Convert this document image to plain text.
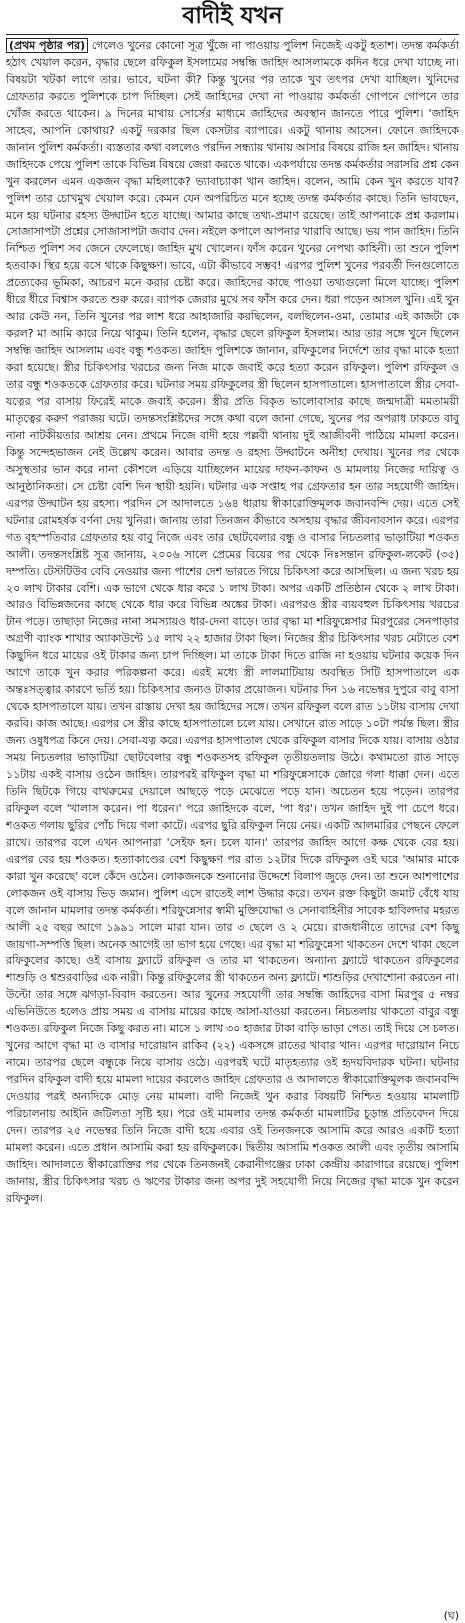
বাদীই যখন

(প্রথম পৃষ্ঠার পর) গেলেও খুনের কোনো সূত্র খুঁজে না পাওয়ায় পুলিশ নিজেই একটু হতাশ। তদন্ত কর্মকর্তা হঠাৎ খেয়াল করেন, বৃদ্ধার ছেলে রফিকুল ইসলামের সম্বন্ধি জাহিদ আসলামকে কদিন ধরে দেখা যাচ্ছে না। বিষয়টা খটকা লাগে তার। ভাবে, ঘটনা কী? কিন্তু খুনের পর তাকে খুব তৎপর দেখা যাচ্ছিল। খুনিদের গ্রেফতার করতে পুলিশকে চাপ দিচ্ছিল। সেই জাহিদের দেখা না পাওয়ায় কর্মকর্তা গোপনে গোপনে তার খোঁজ করতে থাকেন। ৯ দিনের মাথায় সোর্সের মাধ্যমে জাহিদের অবস্থান জানতে পারে পুলিশ। 'জাহিদ সাহেব, আপনি কোথায়? একটু দরকার ছিল কেসটার ব্যাপারে। একটু থানায় আসেন। ফোনে জাহিদকে জানান পুলিশ কর্মকর্তা। ব্যস্ততার কথা বললেও পরদিন সন্ধ্যায় থানায় আসার বিষয়ে রাজি হন জাহিদ। থানায় জাহিদকে পেয়ে পুলিশ তাকে বিভিন্ন বিষয়ে জেরা করতে থাকে। একপর্যায়ে তদন্ত কর্মকর্তার সরাসরি প্রশ্ন কেন খুন করলেন এমন একজন বৃদ্ধা মহিলাকে? ভ্যাবাচ্যাকা খান জাহিদ। বলেন, আমি কেন খুন করতে যাব? পুলিশ তার চোখমুখ খেয়াল করে। কেমন যেন অপরিচিত মনে হচ্ছে তদন্ত কর্মকর্তার কাছে। তিনি ভাবছেন, মনে হয় ঘটনার রহস্য উদ্ঘাটন হতে যাচ্ছে। আমার কাছে তথ্য-প্রমাণ রয়েছে। তাই আপনাকে প্রশ্ন করলাম। সোজাসাপটা প্রশ্নের সোজাসাপটা জবাব দেন। নইলে কপালে আপনার খারাবি আছে। ভয় পান জাহিদ। তিনি নিশ্চিত পুলিশ সব জেনে ফেলেছে। জাহিদ মুখ খোলেন। ফাঁস করেন খুনের নেপথ্য কাহিনী। তা শুনে পুলিশ হতবাক। স্থির হয়ে বসে থাকে কিছুক্ষণ। ভাবে, এটা কীভাবে সম্ভব! এরপর পুলিশ খুনের পরবর্তী দিনগুলোতে প্রত্যেকের ভূমিকা, আচরণ মনে করার চেষ্টা করে। জাহিদের কাছে পাওয়া তথ্যগুলো মিলে যাচ্ছে। পুলিশ ধীরে ধীরে বিশ্বাস করতে শুরু করে। ব্যাপক জেরার মুখে সব ফাঁস করে দেন। ধরা পড়েন আসল খুনি। এই খুন আর কেউ নন, তিনি খুনের পর লাশ ধরে আহাজারি করছিলেন, বলছিলেন-ওমা, তোমার এই কাজটা কে করল? মা আমি কারে নিয়ে থাকুম। তিনি হলেন, বৃদ্ধার ছেলে রফিকুল ইসলাম। আর তার সঙ্গে খুনে ছিলেন সম্বন্ধি জাহিদ আসলাম এবং বন্ধু শওকত। জাহিদ পুলিশকে জানান, রফিকুলের নির্দেশে তার বৃদ্ধা মাকে হত্যা করা হয়েছে। স্ত্রীর চিকিৎসার খরচের জন্য নিজ মাকে জবাই করে হত্যা করেন রফিকুল। পুলিশ রফিকুল ও তার বন্ধু শওকতকে গ্রেফতার করে। ঘটনার সময় রফিকুলের স্ত্রী ছিলেন হাসপাতালে। হাসপাতালে স্ত্রীর সেবা-যত্নের পর বাসায় ফিরেই মাকে জবাই করেন। স্ত্রীর প্রতি বিকৃত ভালোবাসার কাছে জন্মদাত্রী মমতাময়ী মাতৃত্বের করুণ পরাজয় ঘটে। তদন্তসংশ্লিষ্টদের সঙ্গে কথা বলে জানা গেছে, খুনের পর অপরাধ ঢাকতে বাবু নানা নাটকীয়তার আশ্রয় নেন। প্রথমে নিজে বাদী হয়ে পল্লবী থানায় দুই আজীবনী পাঠিয়ে মামলা করেন। কিন্তু সন্দেহভাজন নেই উল্লেখ করেন। আবার তদন্ত ও রহস্য উদ্ঘাটনে অনীহা দেখায়। খুনের পর থেকে অসুস্থতার ভান করে নানা কৌশলে এড়িয়ে যাচ্ছিলেন মায়ের দাফন-কাফন ও মামলায় নিজের দায়িত্ব ও আনুষ্ঠানিকতা। সে চেষ্টা বেশি দিন স্থায়ী হয়নি। ঘটনার এক সপ্তাহ পর গ্রেফতার হন তার সহযোগী জাহিদ। এরপর উদ্ঘাটন হয় রহস্য। পরদিন সে আদালতে ১৬৪ ধারায় স্বীকারোক্তিমূলক জবানবন্দি দেয়। এতে সেই ঘটনার রোমহর্ষক বর্ণনা দেয় খুনিরা। জানায় তারা তিনজন কীভাবে অসহায় বৃদ্ধার জীবনাবসান করে। এরপর গত বৃহস্পতিবার গ্রেফতার হয় বাবু নিজে এবং তার ছোটবেলার বন্ধু ও বাসার নিচতলার ভাড়াটিয়া শওকত আলী। তদন্তসংশ্লিষ্ট সূত্র জানায়, ২০০৬ সালে প্রেমের বিয়ের পর থেকে নিঃসন্তান রফিকুল-লকেট (৩৫) দম্পতি। টেস্টটিউব বেবি নেওয়ার জন্য পাশের দেশ ভারতে গিয়ে চিকিৎসা করে আসছিল। এ জন্য খরচ হয় ২০ লাখ টাকার বেশি। এক ভাগে থেকে ধার করে ১ লাখ টাকা। অপর একটি প্রতিষ্ঠান থেকে ২ লাখ টাকা। আরও বিভিন্নজনের কাছে থেকে ধার করে বিভিন্ন অঙ্কের টাকা। এরপরও স্ত্রীর ব্যয়বহুল চিকিৎসায় খরচের টান পড়ে। তাছাড়া নিজের নানা সমস্যায়ও ধার-দেনা বাড়ে। তার বৃদ্ধা মা শরিফুন্নেসার মিরপুরের সেনপাড়ার অগ্রণী ব্যাংক শাখার অ্যাকাউন্টে ১৫ লাখ ২২ হাজার টাকা ছিল। নিজের স্ত্রীর চিকিৎসার খরচ মেটাতে বেশ কিছুদিন ধরে মায়ের ওই টাকার জন্য চাপ দিচ্ছিল। মা তাকে টাকা দিতে রাজি না হওয়ায় ঘটনার কয়েক দিন আগে তাকে খুন করার পরিকল্পনা করে। এরই মধ্যে স্ত্রী লালমাটিয়ায় অবস্থিত সিটি হাসপাতালে এক অন্তঃসত্ত্বার কারণে ভর্তি হয়। চিকিৎসার জন্যও টাকার প্রয়োজন। ঘটনার দিন ১৬ নভেম্বর দুপুরে বাবু বাসা থেকে হাসপাতালে যায়। তখন রাস্তায় দেখা হয় জাহিদের সঙ্গে। তখন রফিকুল বলে রাত ১১টায় বাসায় দেখা করবি। কাজ আছে। এরপর সে স্ত্রীর কাছে হাসপাতালে চলে যায়। সেখানে রাত সাড়ে ১০টা পর্যন্ত ছিল। স্ত্রীর জন্য ওষুধপত্র কিনে দেয়। সেবা-যত্ন করে। এরপর হাসপাতাল থেকে রফিকুল বাসার দিকে যায়। বাসায় ওঠার সময় নিচতলার ভাড়াটিয়া ছোটবেলার বন্ধু শওকতসহ রফিকুল তৃতীয়তলায় উঠে। কথামতো রাত সাড়ে ১১টায় একই বাসায় ওঠেন জাহিদ। তারপরই রফিকুল বৃদ্ধা মা শরিফুন্নেসাকে জোরে গলা ধাক্কা দেন। এতে তিনি ছিটকে গিয়ে বাথরুমের দেয়ালে আছড়ে পড়ে মেঝেতে পড়ে যান। অচেতন হয়ে পড়েন। তারপর রফিকুল বলে 'খালাস করেন। পা ধরেন।' পরে জাহিদকে বলে, 'পা ধর'। তখন জাহিদ দুই পা চেপে ধরে। শওকত গলায় ছুরির পোঁচ দিয়ে গলা কাটে। এরপর ছুরি রফিকুল নিয়ে নেয়। একটি আলমারির পেছনে ফেলে রাখে। তারপর বলে এখন আপনারা 'সেইফ হন। চলে যান।' তারপর জাহিদ আগে কক্ষ থেকে বের হয়। এরপর বের হয় শওকত। হত্যাকাণ্ডের বেশ কিছুক্ষণ পর রাত ১২টার দিকে রফিকুল ওই ঘরে 'আমার মাকে কারা খুন করেছে' বলে কেঁদে ওঠেন। লোকজনকে শুনানোর উদ্দেশে বিলাপ জুড়ে দেন। তা শুনে আশপাশের লোকজন ওই বাসায় ভিড় জমান। পুলিশ এসে রাতেই লাশ উদ্ধার করে। তখন রক্ত কিছুটা জমাট বেঁধে যায় বলে জানান মামলার তদন্ত কর্মকর্তা। শরিফুন্নেসার স্বামী মুক্তিযোদ্ধা ও সেনাবাহিনীর সাবেক হাবিলদার মহরত আলী ২৫ বছর আগে ১৯৯১ সালে মারা যান। তার ৩ ছেলে ও ২ মেয়ে। রাজধানীতে তাদের বেশ কিছু জায়গা-সম্পত্তি ছিল। অনেক আগেই তা ভাগ হয়ে গেছে। এর বৃদ্ধা মা শরিফুন্নেসা থাকতেন দেশে থাকা ছেলে রফিকুলের কাছে। ওই বাসায় ফ্ল্যাটে রফিকুল ও তার মা থাকতেন। অন্যান্য ফ্ল্যাটে থাকতেন রফিকুলের শাশুড়ি ও শ্বশুরবাড়ির এক নারী। কিন্তু রফিকুলের স্ত্রী থাকতেন অন্য ফ্ল্যাটে। শাশুড়ির দেখাশোনা করতেন না। উল্টো তার সঙ্গে ঝগড়া-বিবাদ করতেন। আর খুনের সহযোগী তার সম্বন্ধি জাহিদের বাসা মিরপুর ৫ নম্বর এভিনিউতে হলেও প্রায় সময় এ বাসায় মায়ের কাছে আসা-যাওয়া করতেন। নিচতলায় থাকতো বাবুর বন্ধু শওকত। রফিকুল নিজে কিছু করত না। মাসে ১ লাখ ৩০ হাজার টাকা বাড়ি ভাড়া পেত। তাই দিয়ে সে চলত। খুনের আগে বৃদ্ধা মা ও বাসার দারোয়ান রাকিব (২২) একসঙ্গে রাতের খাবার খান। এরপর দারোয়ান নিচে নামে। তারপর ছেলে বন্ধুকে নিয়ে বাসায় ওঠে। এরপরই ঘটে মাতৃহত্যার ওই হৃদয়বিদারক ঘটনা। ঘটনার পরদিন রফিকুল বাদী হয়ে মামলা দায়ের করলেও জাহিদ গ্রেফতার ও আদালতে স্বীকারোক্তিমূলক জবানবন্দি দেওয়ার পরই অন্যদিকে মোড় নেয় মামলা। বাদী নিজেই খুন করার বিষয়টি নিশ্চিত হওয়ায় মামলাটি পরিচালনায় আইনি জটিলতা সৃষ্টি হয়। পরে ওই মামলার তদন্ত কর্মকর্তা মামলাটির চূড়ান্ত প্রতিবেদন দিয়ে দেন। তারপর ২৫ নভেম্বর তিনি নিজে বাদী হয়ে এবার ওই তিনজনকে আসামি করে আরও একটি হত্যা মামলা করেন। এতে প্রধান আসামি করা হয় রফিকুলকে। দ্বিতীয় আসামি শওকত আলী এবং তৃতীয় আসামি জাহিদ। আদালতে স্বীকারোক্তির পর থেকে তিনজনই কেরানীগঞ্জের ঢাকা কেন্দ্রীয় কারাগারে রয়েছে। পুলিশ জানায়, স্ত্রীর চিকিৎসার খরচ ও ঋণের টাকার জন্য অপর দুই সহযোগী নিয়ে নিজের বৃদ্ধা মাকে খুন করেন রফিকুল।

(ঘ)
